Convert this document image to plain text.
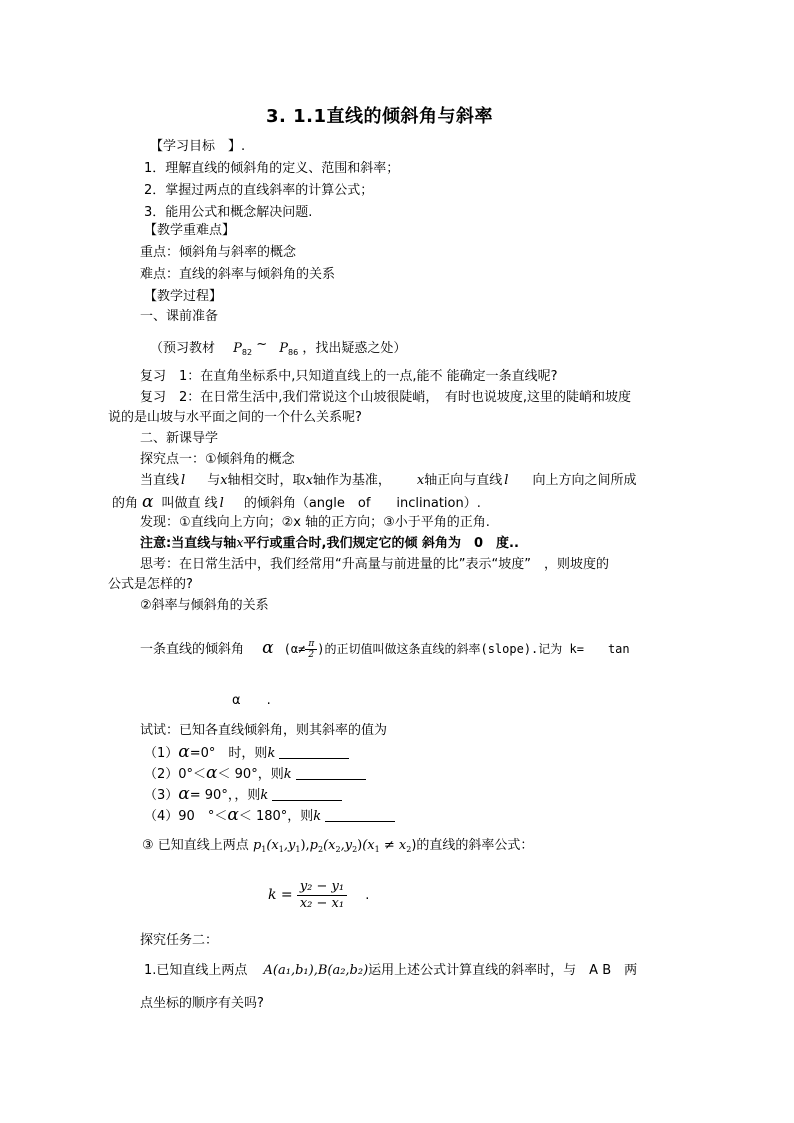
3. 1.1直线的倾斜角与斜率
【学习目标　】.
1．理解直线的倾斜角的定义、范围和斜率；
2．掌握过两点的直线斜率的计算公式；
3．能用公式和概念解决问题.
【教学重难点】
重点：倾斜角与斜率的概念
难点：直线的斜率与倾斜角的关系
【教学过程】
一、课前准备
（预习教材 $P_{82}$ ~ $P_{86}$ ，找出疑惑之处）
复习　1：在直角坐标系中,只知道直线上的一点,能不 能确定一条直线呢?
复习　2：在日常生活中,我们常说这个山坡很陡峭，　有时也说坡度,这里的陡峭和坡度
说的是山坡与水平面之间的一个什么关系呢?
二、新课导学
探究点一：①倾斜角的概念
当直线 l 与x轴相交时，取x轴作为基准， x轴正向与直线 l 向上方向之间所成
的角 α 叫做直 线 l 的倾斜角（angle　of　　inclination）.
发现：①直线向上方向；②x 轴的正方向；③小于平角的正角.
注意:当直线与轴x平行或重合时,我们规定它的倾 斜角为　0　度..
思考：在日常生活中，我们经常用“升高量与前进量的比”表示“坡度”　，则坡度的
公式是怎样的?
②斜率与倾斜角的关系
一条直线的倾斜角 α ($\alpha\ne \frac{\pi}{2}$ )的正切值叫做这条直线的斜率(slope).记为 k=　　tan
α　　.
试试：已知各直线倾斜角，则其斜率的值为
（1）α=0°　时，则k
（2）0°＜α＜ 90°，则k
（3）α= 90°，，则k
（4）90　°＜α＜ 180°，则k
③ 已知直线上两点 $p_1(x_1,y_1),p_2(x_2,y_2)(x_1 \ne x_2)$的直线的斜率公式：
$k = \frac{\text{y₂ − y₁}}{\text{x₂ − x₁}}$ .
探究任务二：
1.已知直线上两点 A(a₁,b₁),B(a₂,b₂)运用上述公式计算直线的斜率时，与　A B　两
点坐标的顺序有关吗?
